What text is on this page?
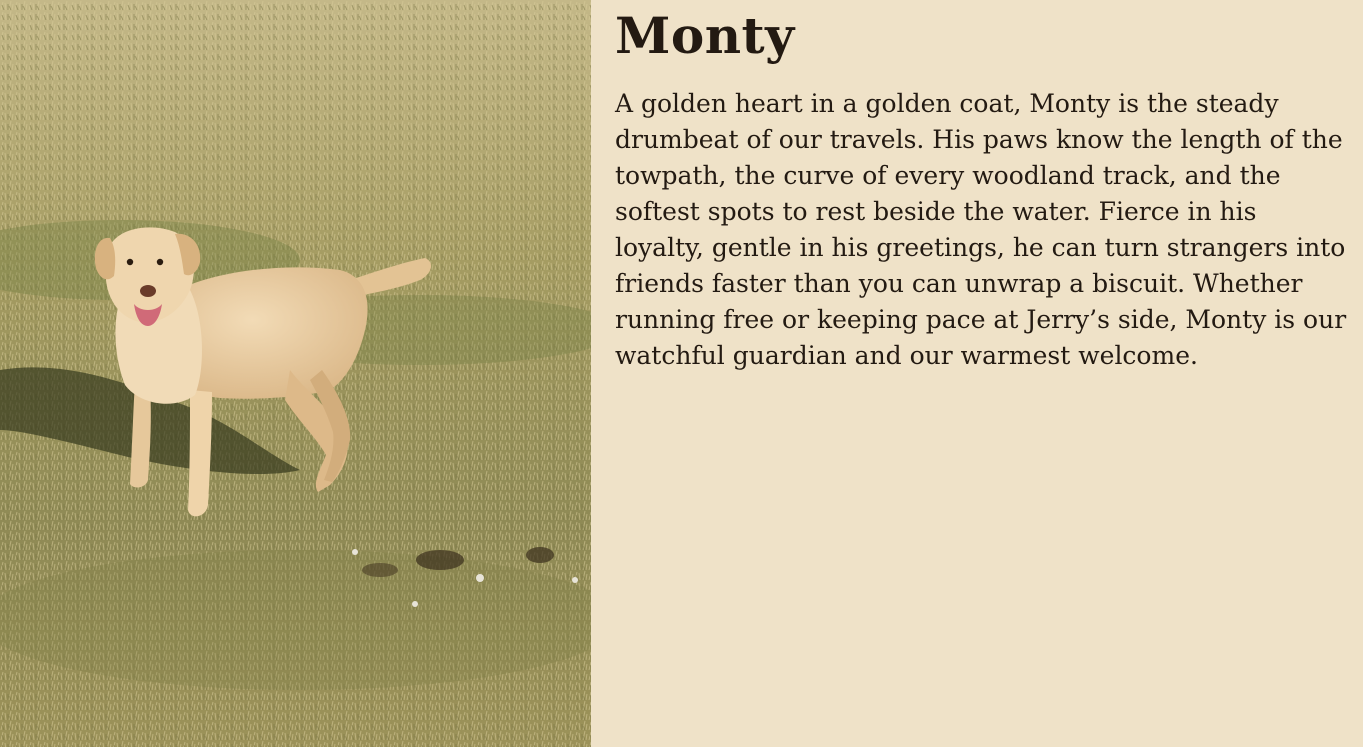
Monty

A golden heart in a golden coat, Monty is the steady drumbeat of our travels. His paws know the length of the towpath, the curve of every woodland track, and the softest spots to rest beside the water. Fierce in his loyalty, gentle in his greetings, he can turn strangers into friends faster than you can unwrap a biscuit. Whether running free or keeping pace at Jerry’s side, Monty is our watchful guardian and our warmest welcome.
